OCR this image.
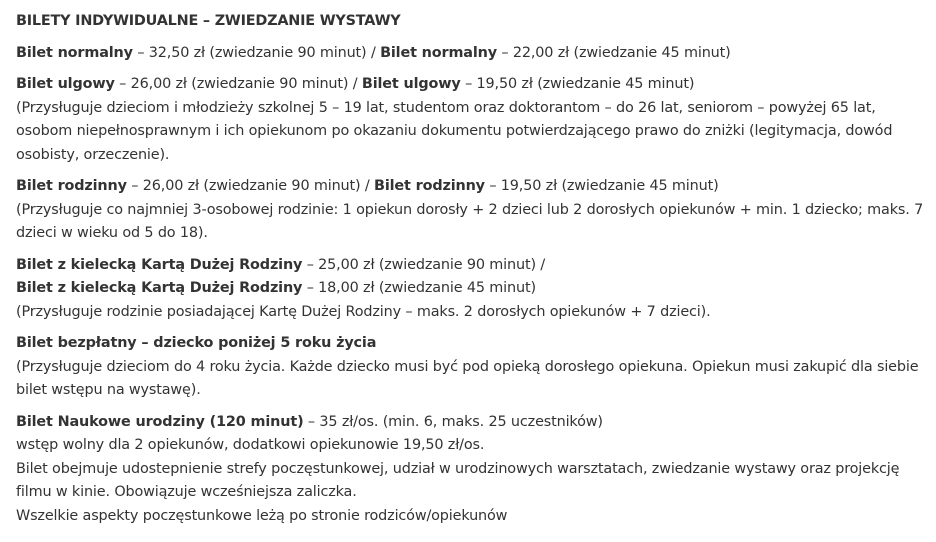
BILETY INDYWIDUALNE – ZWIEDZANIE WYSTAWY
Bilet normalny – 32,50 zł (zwiedzanie 90 minut) / Bilet normalny – 22,00 zł (zwiedzanie 45 minut)
Bilet ulgowy – 26,00 zł (zwiedzanie 90 minut) / Bilet ulgowy – 19,50 zł (zwiedzanie 45 minut)
(Przysługuje dzieciom i młodzieży szkolnej 5 – 19 lat, studentom oraz doktorantom – do 26 lat, seniorom – powyżej 65 lat, osobom niepełnosprawnym i ich opiekunom po okazaniu dokumentu potwierdzającego prawo do zniżki (legitymacja, dowód osobisty, orzeczenie).
Bilet rodzinny – 26,00 zł (zwiedzanie 90 minut) / Bilet rodzinny – 19,50 zł (zwiedzanie 45 minut)
(Przysługuje co najmniej 3-osobowej rodzinie: 1 opiekun dorosły + 2 dzieci lub 2 dorosłych opiekunów + min. 1 dziecko; maks. 7 dzieci w wieku od 5 do 18).
Bilet z kielecką Kartą Dużej Rodziny – 25,00 zł (zwiedzanie 90 minut) /
Bilet z kielecką Kartą Dużej Rodziny – 18,00 zł (zwiedzanie 45 minut)
(Przysługuje rodzinie posiadającej Kartę Dużej Rodziny – maks. 2 dorosłych opiekunów + 7 dzieci).
Bilet bezpłatny – dziecko poniżej 5 roku życia
(Przysługuje dzieciom do 4 roku życia. Każde dziecko musi być pod opieką dorosłego opiekuna. Opiekun musi zakupić dla siebie bilet wstępu na wystawę).
Bilet Naukowe urodziny (120 minut) – 35 zł/os. (min. 6, maks. 25 uczestników)
wstęp wolny dla 2 opiekunów, dodatkowi opiekunowie 19,50 zł/os.
Bilet obejmuje udostepnienie strefy poczęstunkowej, udział w urodzinowych warsztatach, zwiedzanie wystawy oraz projekcję filmu w kinie. Obowiązuje wcześniejsza zaliczka.
Wszelkie aspekty poczęstunkowe leżą po stronie rodziców/opiekunów
